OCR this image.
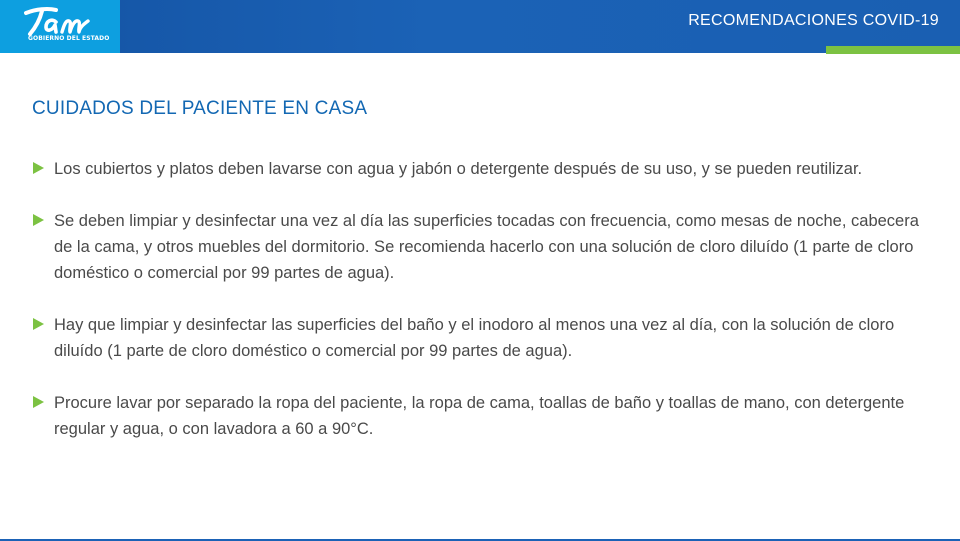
GOBIERNO DEL ESTADO
RECOMENDACIONES COVID-19
CUIDADOS DEL PACIENTE EN CASA
Los cubiertos y platos deben lavarse con agua y jabón o detergente después de su uso, y se pueden reutilizar.
Se deben limpiar y desinfectar una vez al día las superficies tocadas con frecuencia, como mesas de noche, cabecera de la cama, y otros muebles del dormitorio. Se recomienda hacerlo con una solución de cloro diluído (1 parte de cloro doméstico o comercial por 99 partes de agua).
Hay que limpiar y desinfectar las superficies del baño y el inodoro al menos una vez al día, con la solución de cloro diluído (1 parte de cloro doméstico o comercial por 99 partes de agua).
Procure lavar por separado la ropa del paciente, la ropa de cama, toallas de baño y toallas de mano, con detergente regular y agua, o con lavadora a 60 a 90°C.
